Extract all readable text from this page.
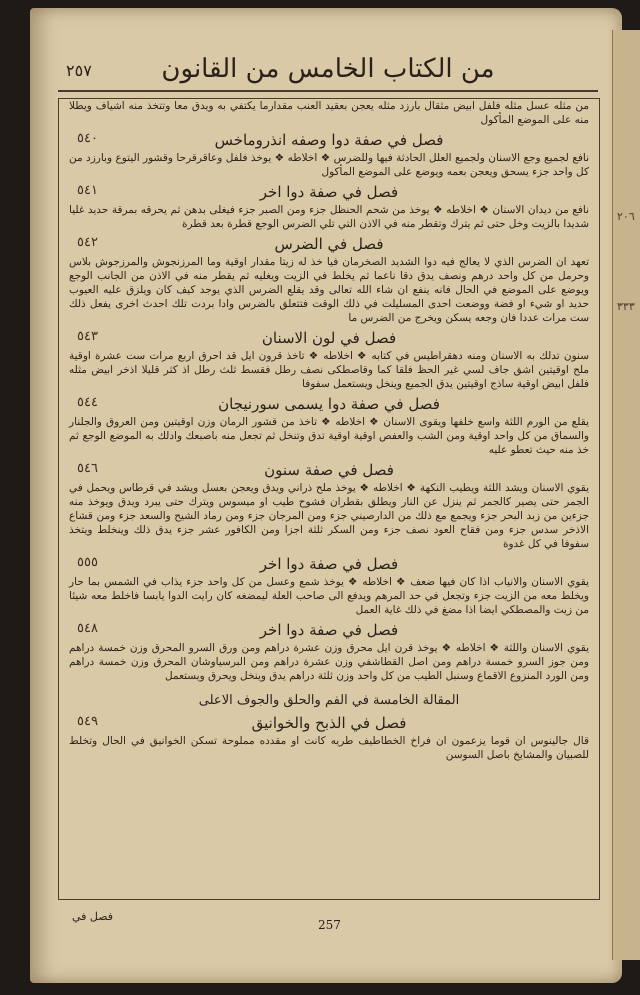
من الكتاب الخامس من القانون
٢٥٧
من مثله عسل مثله فلفل ابيض مثقال بارزد مثله يعجن بعقيد العنب مقدارما يكتفي به ويدق معا وتتخذ منه اشياف ويطلا منه على الموضع المأكول
فصل في صفة دوا وصفه انذروماخس
٥٤٠
نافع لجميع وجع الاسنان ولجميع العلل الحادثة فيها وللضرس ❖ اخلاطه ❖ يوخذ فلفل وعاقرقرحا وقشور اليتوع وبارزد من كل واحد جزء يسحق ويعجن بعمه ويوضع على الموضع المأكول
فصل في صفة دوا اخر
٥٤١
نافع من ديدان الاسنان ❖ اخلاطه ❖ يوخذ من شحم الحنظل جزء ومن الصبر جزء فيغلى بدهن ثم يحرقه بمرقة حديد غليا شديدا بالزيت وخل حتى ثم يترك وتقطر منه في الاذن التي تلي الضرس الوجع قطرة بعد قطرة
فصل في الضرس
٥٤٢
تعهد ان الضرس الذي لا يعالج فيه دوا الشديد الصخرمان فيا خذ له زيتا مقدار اوقية وما المرزنجوش والمرزجوش بلاس وحرمل من كل واحد درهم ونصف يدق دقا ناعما ثم يخلط في الزيت ويغليه ثم يقطر منه في الاذن من الجانب الوجع ويوضع على الموضع في الحال فانه ينفع ان شاء الله تعالى وقد يقلع الضرس الذي يوجد كيف كان ويلزق عليه العيوب حديد او شيء او فضة ووضعت احدى المسليلت في ذلك الوقت فتتعلق بالضرس وادا بردت تلك احدث اخرى يفعل ذلك ست مرات عددا فان وجعه يسكن ويخرج من الضرس ما
فصل في لون الاسنان
٥٤٣
سنون تدلك به الاسنان ومنه دهقراطيس في كتابه ❖ اخلاطه ❖ تاخذ قرون ايل قد احرق اربع مرات ست عشرة اوقية ملح اوقيتين اشق جاف لسي غير الحظ فلقا كما وقاصطكى نصف رطل فقسط ثلث رطل اذ كثر قليلا اذخر ابيض مثله فلفل ابيض اوقية ساذج اوقيتين يدق الجميع وينخل ويستعمل سفوفا
فصل في صفة دوا يسمى سورنيجان
٥٤٤
يقلع من الورم اللثة واسع خلفها ويقوى الاسنان ❖ اخلاطه ❖ تاخذ من قشور الرمان وزن اوقيتين ومن العروق والجلنار والسماق من كل واحد اوقية ومن الشب والعفص اوقية اوقية تدق وتنخل ثم تجعل منه باصبعك وادلك به الموضع الوجع ثم خذ منه حيث تعطو عليه
فصل في صفة سنون
٥٤٦
يقوي الاسنان ويشد اللثة ويطيب النكهة ❖ اخلاطه ❖ يوخذ ملح ذراني ويدق ويعجن بعسل ويشد في قرطاس ويحمل في الجمر حتى يصير كالجمر ثم ينزل عن النار ويطلق بقطران فشوح طيب او ميسوس ويترك حتى يبرد ويدق ويوخذ منه جزءين من زبد البحر جزء ويجمع مع ذلك من الدارصيني جزء ومن المرجان جزء ومن رماد الشيح والسعد جزء ومن قشاع الاذخر سدس جزء ومن فقاح العود نصف جزء ومن السكر ثلثة اجزا ومن الكافور عشر جزء يدق ذلك وينخلط ويتخذ سفوفا في كل غدوة
فصل في صفة دوا اخر
٥٥٥
يقوي الاسنان والانياب اذا كان فيها ضعف ❖ اخلاطه ❖ يوخذ شمع وعسل من كل واحد جزء يذاب في الشمس بما حار ويخلط معه من الزيت جزء وتجعل في حد المرهم ويدفع الى صاحب العلة ليمضغه كان رايت الدوا يابسا فاخلط معه شيئا من زيت والمصطكي ايضا اذا مضغ في ذلك غاية العمل
فصل في صفة دوا اخر
٥٤٨
يقوي الاسنان واللثة ❖ اخلاطه ❖ يوخذ قرن ايل محرق وزن عشرة دراهم ومن ورق السرو المحرق وزن خمسة دراهم ومن جوز السرو خمسة دراهم ومن اصل القطاشفي وزن عشرة دراهم ومن البرسياوشان المحرق وزن خمسة دراهم ومن الورد المنزوع الاقماع وسنبل الطيب من كل واحد وزن ثلثة دراهم يدق وينخل ويحرق ويستعمل
المقالة الخامسة في الفم والحلق والجوف الاعلى
فصل في الذبح والخوانيق
٥٤٩
قال جالينوس ان قوما يزعمون ان فراخ الخطاطيف طريه كانت او مقدده مملوحة تسكن الخوانيق في الحال وتخلط للصبيان والمشايخ باصل السوسن
فصل في
257
٢٠٦
٣٣٣
